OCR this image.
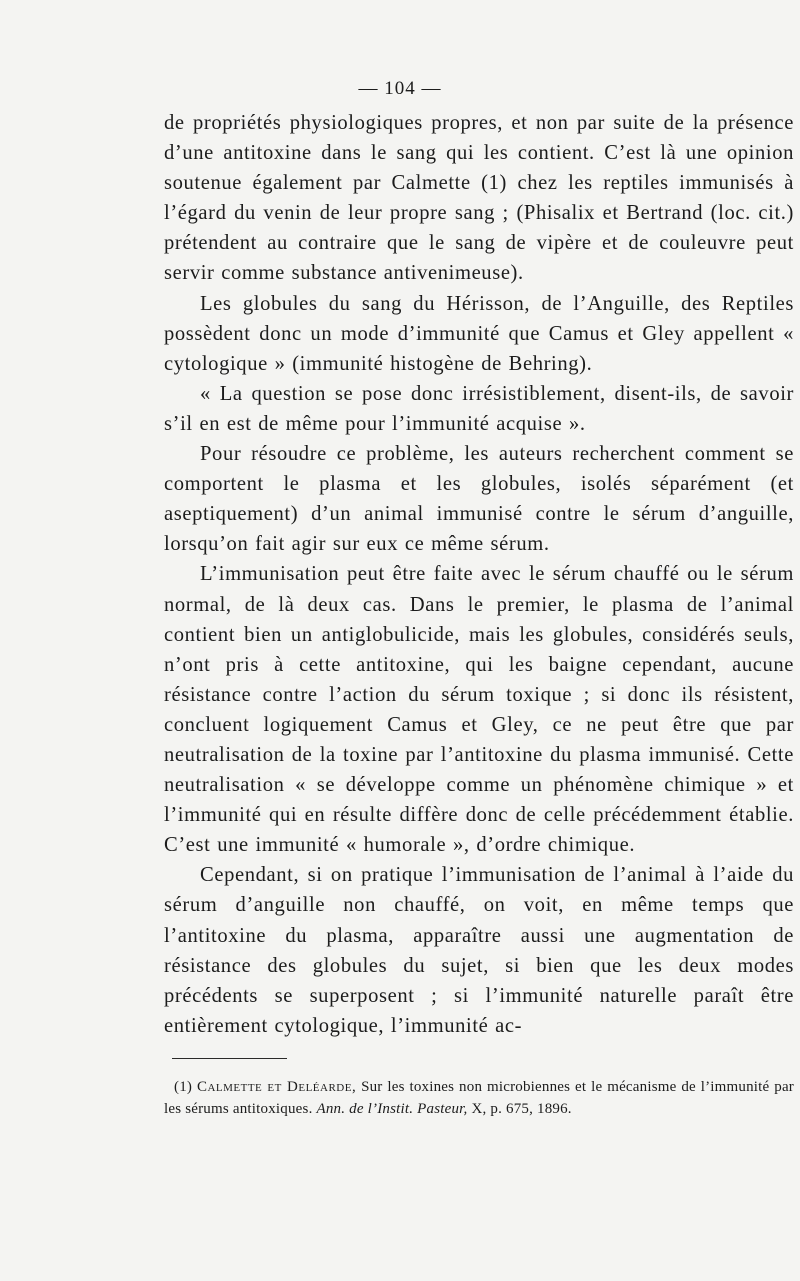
— 104 —

de propriétés physiologiques propres, et non par suite de la présence d’une antitoxine dans le sang qui les contient. C’est là une opinion soutenue également par Calmette (1) chez les reptiles immunisés à l’égard du venin de leur propre sang ; (Phisalix et Bertrand (loc. cit.) prétendent au contraire que le sang de vipère et de couleuvre peut servir comme substance antivenimeuse).

Les globules du sang du Hérisson, de l’Anguille, des Reptiles possèdent donc un mode d’immunité que Camus et Gley appellent « cytologique » (immunité histogène de Behring).

« La question se pose donc irrésistiblement, disent-ils, de savoir s’il en est de même pour l’immunité acquise ».

Pour résoudre ce problème, les auteurs recherchent comment se comportent le plasma et les globules, isolés séparément (et aseptiquement) d’un animal immunisé contre le sérum d’anguille, lorsqu’on fait agir sur eux ce même sérum.

L’immunisation peut être faite avec le sérum chauffé ou le sérum normal, de là deux cas. Dans le premier, le plasma de l’animal contient bien un antiglobulicide, mais les globules, considérés seuls, n’ont pris à cette antitoxine, qui les baigne cependant, aucune résistance contre l’action du sérum toxique ; si donc ils résistent, concluent logiquement Camus et Gley, ce ne peut être que par neutralisation de la toxine par l’antitoxine du plasma immunisé. Cette neutralisation « se développe comme un phénomène chimique » et l’immunité qui en résulte diffère donc de celle précédemment établie. C’est une immunité « humorale », d’ordre chimique.

Cependant, si on pratique l’immunisation de l’animal à l’aide du sérum d’anguille non chauffé, on voit, en même temps que l’antitoxine du plasma, apparaître aussi une augmentation de résistance des globules du sujet, si bien que les deux modes précédents se superposent ; si l’immunité naturelle paraît être entièrement cytologique, l’immunité ac-

(1) Calmette et Deléarde, Sur les toxines non microbiennes et le mécanisme de l’immunité par les sérums antitoxiques. Ann. de l’Instit. Pasteur, X, p. 675, 1896.
